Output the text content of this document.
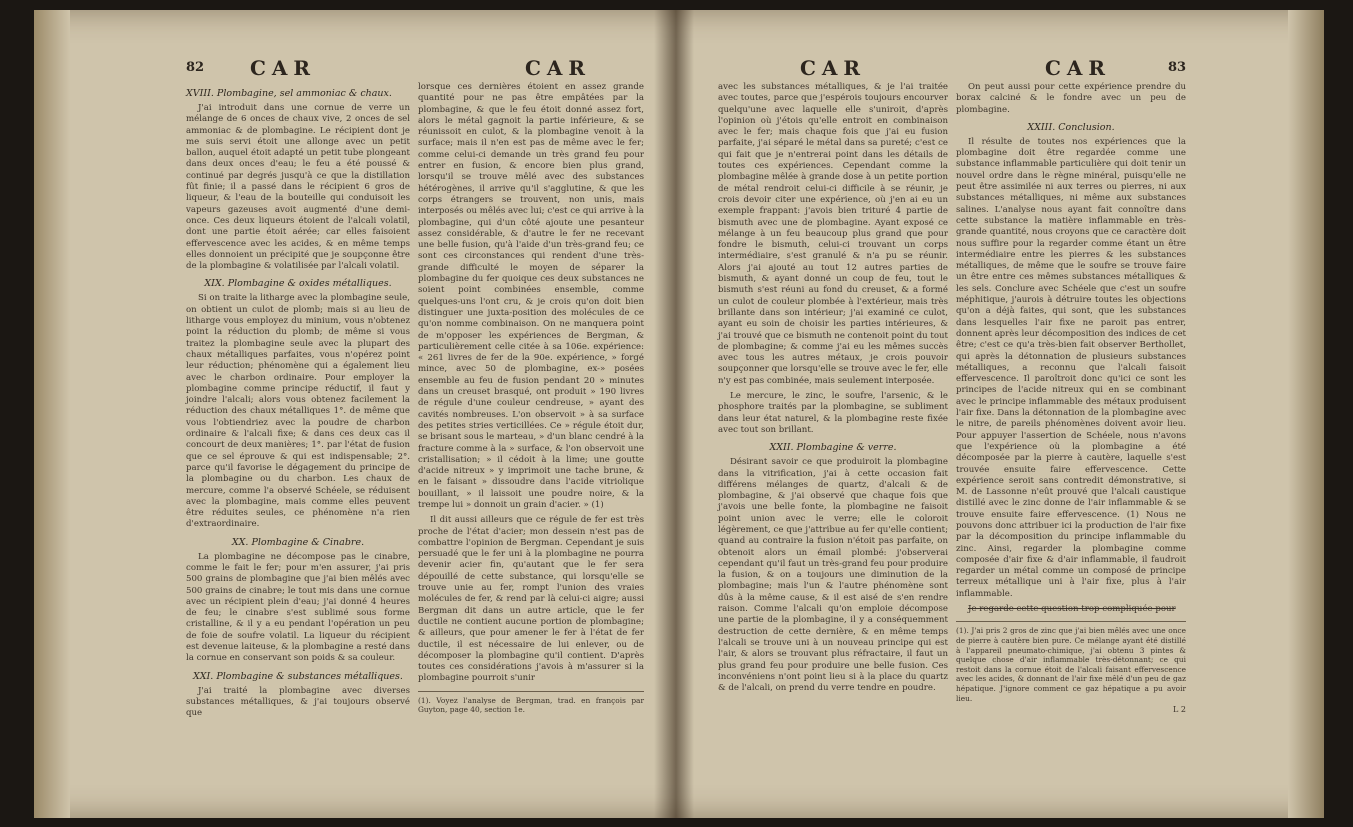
82 CAR	CAR	CAR	CAR	83
XVIII. Plombagine, sel ammoniac & chaux.

J'ai introduit dans une cornue de verre un mélange de 6 onces de chaux vive, 2 onces de sel ammoniac & de plombagine. Le récipient dont je me suis servi étoit une allonge avec un petit ballon, auquel étoit adapté un petit tube plongeant dans deux onces d'eau; le feu a été poussé & continué par degrés jusqu'à ce que la distillation fût finie; il a passé dans le récipient 6 gros de liqueur, & l'eau de la bouteille qui conduisoit les vapeurs gazeuses avoit augmenté d'une demi-once. Ces deux liqueurs étoient de l'alcali volatil, dont une partie étoit aérée; car elles faisoient effervescence avec les acides, & en même temps elles donnoient un précipité que je soupçonne être de la plombagine & volatilisée par l'alcali volatil.

XIX. Plombagine & oxides métalliques.

Si on traite la litharge avec la plombagine seule, on obtient un culot de plomb; mais si au lieu de litharge vous employez du minium, vous n'obtenez point la réduction du plomb; de même si vous traitez la plombagine seule avec la plupart des chaux métalliques parfaites, vous n'opérez point leur réduction; phénomène qui a également lieu avec le charbon ordinaire. Pour employer la plombagine comme principe réductif, il faut y joindre l'alcali; alors vous obtenez facilement la réduction des chaux métalliques 1°. de même que vous l'obtiendriez avec la poudre de charbon ordinaire & l'alcali fixe; & dans ces deux cas il concourt de deux manières; 1°. par l'état de fusion que ce sel éprouve & qui est indispensable; 2°. parce qu'il favorise le dégagement du principe de la plombagine ou du charbon. Les chaux de mercure, comme l'a observé Schéele, se réduisent avec la plombagine, mais comme elles peuvent être réduites seules, ce phénomène n'a rien d'extraordinaire.

XX. Plombagine & Cinabre.

La plombagine ne décompose pas le cinabre, comme le fait le fer; pour m'en assurer, j'ai pris 500 grains de plombagine que j'ai bien mêlés avec 500 grains de cinabre; le tout mis dans une cornue avec un récipient plein d'eau; j'ai donné 4 heures de feu; le cinabre s'est sublimé sous forme cristalline, & il y a eu pendant l'opération un peu de foie de soufre volatil. La liqueur du récipient est devenue laiteuse, & la plombagine a resté dans la cornue en conservant son poids & sa couleur.

XXI. Plombagine & substances métalliques.

J'ai traité la plombagine avec diverses substances métalliques, & j'ai toujours observé que

lorsque ces dernières étoient en assez grande quantité pour ne pas être empâtées par la plombagine, & que le feu étoit donné assez fort, alors le métal gagnoit la partie inférieure, & se réunissoit en culot, & la plombagine venoit à la surface; mais il n'en est pas de même avec le fer; comme celui-ci demande un très grand feu pour entrer en fusion, & encore bien plus grand, lorsqu'il se trouve mêlé avec des substances hétérogènes, il arrive qu'il s'agglutine, & que les corps étrangers se trouvent, non unis, mais interposés ou mêlés avec lui; c'est ce qui arrive à la plombagine, qui d'un côté ajoute une pesanteur assez considérable, & d'autre le fer ne recevant une belle fusion, qu'à l'aide d'un très-grand feu; ce sont ces circonstances qui rendent d'une très-grande difficulté le moyen de séparer la plombagine du fer quoique ces deux substances ne soient point combinées ensemble, comme quelques-uns l'ont cru, & je crois qu'on doit bien distinguer une juxta-position des molécules de ce qu'on nomme combinaison. On ne manquera point de m'opposer les expériences de Bergman, & particulièrement celle citée à sa 106e. expérience: « 261 livres de fer de la 90e. expérience, » forgé mince, avec 50 de plombagine, ex-» posées ensemble au feu de fusion pendant 20 » minutes dans un creuset brasqué, ont produit » 190 livres de régule d'une couleur cendreuse, » ayant des cavités nombreuses. L'on observoit » à sa surface des petites stries verticillées. Ce » régule étoit dur, se brisant sous le marteau, » d'un blanc cendré à la fracture comme à la » surface, & l'on observoit une cristallisation; » il cédoit à la lime; une goutte d'acide nitreux » y imprimoit une tache brune, & en le faisant » dissoudre dans l'acide vitriolique bouillant, » il laissoit une poudre noire, & la trempe lui » donnoit un grain d'acier. » (1)

Il dit aussi ailleurs que ce régule de fer est très proche de l'état d'acier; mon dessein n'est pas de combattre l'opinion de Bergman. Cependant je suis persuadé que le fer uni à la plombagine ne pourra devenir acier fin, qu'autant que le fer sera dépouillé de cette substance, qui lorsqu'elle se trouve unie au fer, rompt l'union des vraies molécules de fer, & rend par là celui-ci aigre; aussi Bergman dit dans un autre article, que le fer ductile ne contient aucune portion de plombagine; & ailleurs, que pour amener le fer à l'état de fer ductile, il est nécessaire de lui enlever, ou de décomposer la plombagine qu'il contient. D'après toutes ces considérations j'avois à m'assurer si la plombagine pourroit s'unir

(1). Voyez l'analyse de Bergman, trad. en françois par Guyton, page 40, section 1e.

avec les substances métalliques, & je l'ai traitée avec toutes, parce que j'espérois toujours encourver quelqu'une avec laquelle elle s'uniroit, d'après l'opinion où j'étois qu'elle entroit en combinaison avec le fer; mais chaque fois que j'ai eu fusion parfaite, j'ai séparé le métal dans sa pureté; c'est ce qui fait que je n'entrerai point dans les détails de toutes ces expériences. Cependant comme la plombagine mêlée à grande dose à un petite portion de métal rendroit celui-ci difficile à se réunir, je crois devoir citer une expérience, où j'en ai eu un exemple frappant: j'avois bien trituré 4 partie de bismuth avec une de plombagine. Ayant exposé ce mélange à un feu beaucoup plus grand que pour fondre le bismuth, celui-ci trouvant un corps intermédiaire, s'est granulé & n'a pu se réunir. Alors j'ai ajouté au tout 12 autres parties de bismuth, & ayant donné un coup de feu, tout le bismuth s'est réuni au fond du creuset, & a formé un culot de couleur plombée à l'extérieur, mais très brillante dans son intérieur; j'ai examiné ce culot, ayant eu soin de choisir les parties intérieures, & j'ai trouvé que ce bismuth ne contenoit point du tout de plombagine; & comme j'ai eu les mêmes succès avec tous les autres métaux, je crois pouvoir soupçonner que lorsqu'elle se trouve avec le fer, elle n'y est pas combinée, mais seulement interposée.

Le mercure, le zinc, le soufre, l'arsenic, & le phosphore traités par la plombagine, se subliment dans leur état naturel, & la plombagine reste fixée avec tout son brillant.

XXII. Plombagine & verre.

Désirant savoir ce que produiroit la plombagine dans la vitrification, j'ai à cette occasion fait différens mélanges de quartz, d'alcali & de plombagine, & j'ai observé que chaque fois que j'avois une belle fonte, la plombagine ne faisoit point union avec le verre; elle le coloroit légèrement, ce que j'attribue au fer qu'elle contient; quand au contraire la fusion n'étoit pas parfaite, on obtenoit alors un émail plombé: j'observerai cependant qu'il faut un très-grand feu pour produire la fusion, & on a toujours une diminution de la plombagine; mais l'un & l'autre phénomène sont dûs à la même cause, & il est aisé de s'en rendre raison. Comme l'alcali qu'on emploie décompose une partie de la plombagine, il y a conséquemment destruction de cette dernière, & en même temps l'alcali se trouve uni à un nouveau principe qui est l'air, & alors se trouvant plus réfractaire, il faut un plus grand feu pour produire une belle fusion. Ces inconvéniens n'ont point lieu si à la place du quartz & de l'alcali, on prend du verre tendre en poudre.

On peut aussi pour cette expérience prendre du borax calciné & le fondre avec un peu de plombagine.

XXIII. Conclusion.

Il résulte de toutes nos expériences que la plombagine doit être regardée comme une substance inflammable particulière qui doit tenir un nouvel ordre dans le règne minéral, puisqu'elle ne peut être assimilée ni aux terres ou pierres, ni aux substances métalliques, ni même aux substances salines. L'analyse nous ayant fait connoître dans cette substance la matière inflammable en très-grande quantité, nous croyons que ce caractère doit nous suffire pour la regarder comme étant un être intermédiaire entre les pierres & les substances métalliques, de même que le soufre se trouve faire un être entre ces mêmes substances métalliques & les sels. Conclure avec Schéele que c'est un soufre méphitique, j'aurois à détruire toutes les objections qu'on a déjà faites, qui sont, que les substances dans lesquelles l'air fixe ne paroit pas entrer, donnent après leur décomposition des indices de cet être; c'est ce qu'a très-bien fait observer Berthollet, qui après la détonnation de plusieurs substances métalliques, a reconnu que l'alcali faisoit effervescence. Il paroîtroit donc qu'ici ce sont les principes de l'acide nitreux qui en se combinant avec le principe inflammable des métaux produisent l'air fixe. Dans la détonnation de la plombagine avec le nitre, de pareils phénomènes doivent avoir lieu. Pour appuyer l'assertion de Schéele, nous n'avons que l'expérience où la plombagine a été décomposée par la pierre à cautère, laquelle s'est trouvée ensuite faire effervescence. Cette expérience seroit sans contredit démonstrative, si M. de Lassonne n'eût prouvé que l'alcali caustique distillé avec le zinc donne de l'air inflammable & se trouve ensuite faire effervescence. (1) Nous ne pouvons donc attribuer ici la production de l'air fixe par la décomposition du principe inflammable du zinc. Ainsi, regarder la plombagine comme composée d'air fixe & d'air inflammable, il faudroit regarder un métal comme un composé de principe terreux métallique uni à l'air fixe, plus à l'air inflammable.

Je regarde cette question trop compliquée pour

(1). J'ai pris 2 gros de zinc que j'ai bien mêlés avec une once de pierre à cautère bien pure. Ce mélange ayant été distillé à l'appareil pneumato-chimique, j'ai obtenu 3 pintes & quelque chose d'air inflammable très-détonnant; ce qui restoit dans la cornue étoit de l'alcali faisant effervescence avec les acides, & donnant de l'air fixe mêlé d'un peu de gaz hépatique. J'ignore comment ce gaz hépatique a pu avoir lieu.
L 2
